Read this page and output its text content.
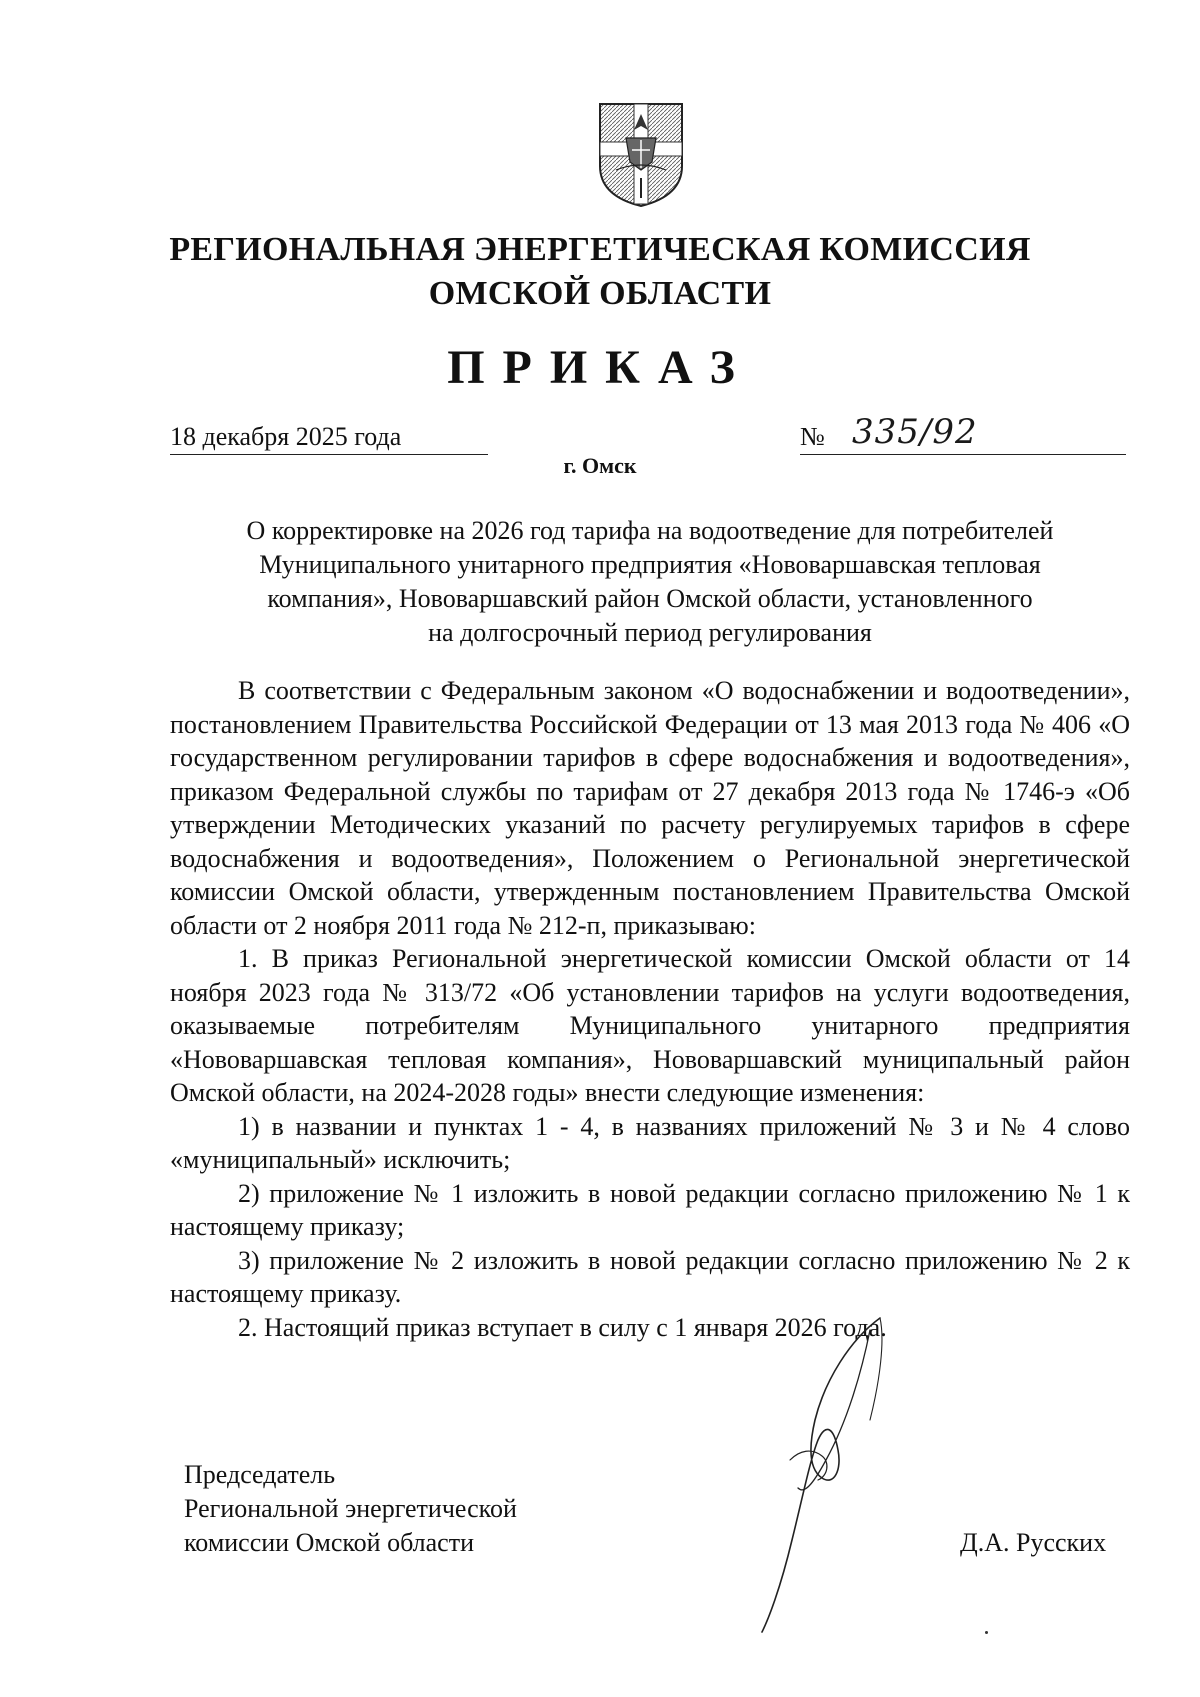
РЕГИОНАЛЬНАЯ ЭНЕРГЕТИЧЕСКАЯ КОМИССИЯ
ОМСКОЙ ОБЛАСТИ
ПРИКАЗ
18 декабря 2025 года	№ 335/92
г. Омск
О корректировке на 2026 год тарифа на водоотведение для потребителей
Муниципального унитарного предприятия «Нововаршавская тепловая
компания», Нововаршавский район Омской области, установленного
на долгосрочный период регулирования

В соответствии с Федеральным законом «О водоснабжении и водоотведении», постановлением Правительства Российской Федерации от 13 мая 2013 года № 406 «О государственном регулировании тарифов в сфере водоснабжения и водоотведения», приказом Федеральной службы по тарифам от 27 декабря 2013 года № 1746-э «Об утверждении Методических указаний по расчету регулируемых тарифов в сфере водоснабжения и водоотведения», Положением о Региональной энергетической комиссии Омской области, утвержденным постановлением Правительства Омской области от 2 ноября 2011 года № 212-п, приказываю:

1. В приказ Региональной энергетической комиссии Омской области от 14 ноября 2023 года № 313/72 «Об установлении тарифов на услуги водоотведения, оказываемые потребителям Муниципального унитарного предприятия «Нововаршавская тепловая компания», Нововаршавский муниципальный район Омской области, на 2024-2028 годы» внести следующие изменения:

1) в названии и пунктах 1 - 4, в названиях приложений № 3 и № 4 слово «муниципальный» исключить;

2) приложение № 1 изложить в новой редакции согласно приложению № 1 к настоящему приказу;

3) приложение № 2 изложить в новой редакции согласно приложению № 2 к настоящему приказу.

2. Настоящий приказ вступает в силу с 1 января 2026 года.

Председатель
Региональной энергетической
комиссии Омской области	Д.А. Русских
